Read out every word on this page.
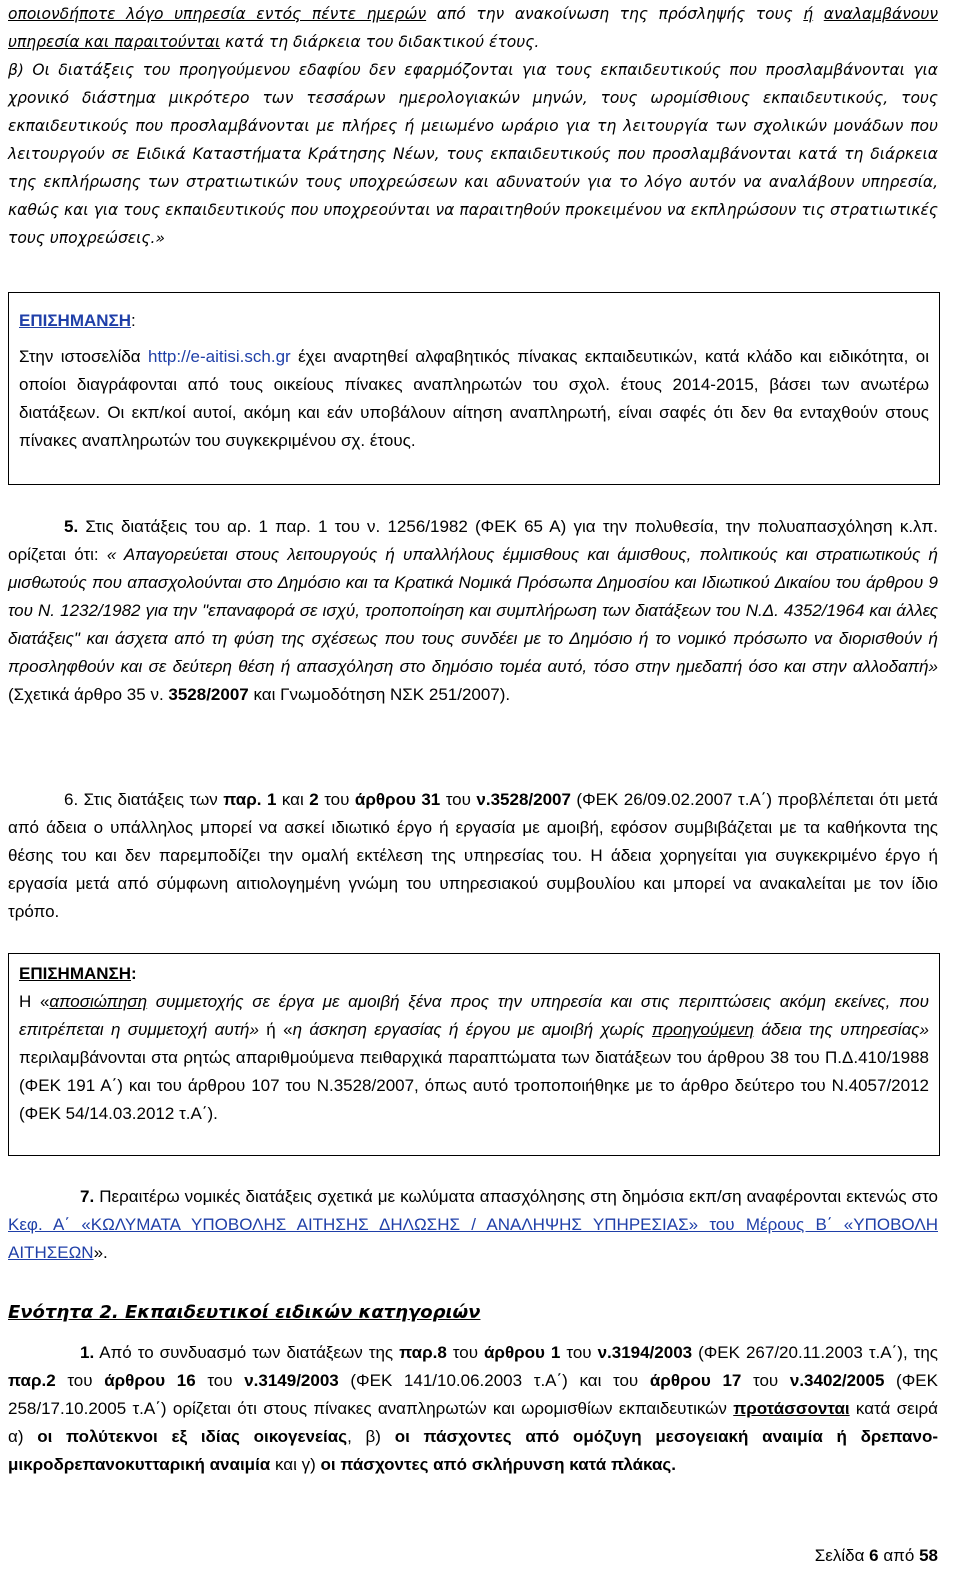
οποιονδήποτε λόγο υπηρεσία εντός πέντε ημερών από την ανακοίνωση της πρόσληψής τους ή αναλαμβάνουν υπηρεσία και παραιτούνται κατά τη διάρκεια του διδακτικού έτους.

β) Οι διατάξεις του προηγούμενου εδαφίου δεν εφαρμόζονται για τους εκπαιδευτικούς που προσλαμβάνονται για χρονικό διάστημα μικρότερο των τεσσάρων ημερολογιακών μηνών, τους ωρομίσθιους εκπαιδευτικούς, τους εκπαιδευτικούς που προσλαμβάνονται με πλήρες ή μειωμένο ωράριο για τη λειτουργία των σχολικών μονάδων που λειτουργούν σε Ειδικά Καταστήματα Κράτησης Νέων, τους εκπαιδευτικούς που προσλαμβάνονται κατά τη διάρκεια της εκπλήρωσης των στρατιωτικών τους υποχρεώσεων και αδυνατούν για το λόγο αυτόν να αναλάβουν υπηρεσία, καθώς και για τους εκπαιδευτικούς που υποχρεούνται να παραιτηθούν προκειμένου να εκπληρώσουν τις στρατιωτικές τους υποχρεώσεις.»

ΕΠΙΣΗΜΑΝΣΗ:

Στην ιστοσελίδα http://e-aitisi.sch.gr έχει αναρτηθεί αλφαβητικός πίνακας εκπαιδευτικών, κατά κλάδο και ειδικότητα, οι οποίοι διαγράφονται από τους οικείους πίνακες αναπληρωτών του σχολ. έτους 2014-2015, βάσει των ανωτέρω διατάξεων. Οι εκπ/κοί αυτοί, ακόμη και εάν υποβάλουν αίτηση αναπληρωτή, είναι σαφές ότι δεν θα ενταχθούν στους πίνακες αναπληρωτών του συγκεκριμένου σχ. έτους.

5. Στις διατάξεις του αρ. 1 παρ. 1 του ν. 1256/1982 (ΦΕΚ 65 Α) για την πολυθεσία, την πολυαπασχόληση κ.λπ. ορίζεται ότι: « Απαγορεύεται στους λειτουργούς ή υπαλλήλους έμμισθους και άμισθους, πολιτικούς και στρατιωτικούς ή μισθωτούς που απασχολούνται στο Δημόσιο και τα Κρατικά Νομικά Πρόσωπα Δημοσίου και Ιδιωτικού Δικαίου του άρθρου 9 του Ν. 1232/1982 για την "επαναφορά σε ισχύ, τροποποίηση και συμπλήρωση των διατάξεων του Ν.Δ. 4352/1964 και άλλες διατάξεις" και άσχετα από τη φύση της σχέσεως που τους συνδέει με το Δημόσιο ή το νομικό πρόσωπο να διορισθούν ή προσληφθούν και σε δεύτερη θέση ή απασχόληση στο δημόσιο τομέα αυτό, τόσο στην ημεδαπή όσο και στην αλλοδαπή» (Σχετικά άρθρο 35 ν. 3528/2007 και Γνωμοδότηση ΝΣΚ 251/2007).

6. Στις διατάξεις των παρ. 1 και 2 του άρθρου 31 του ν.3528/2007 (ΦΕΚ 26/09.02.2007 τ.Α΄) προβλέπεται ότι μετά από άδεια ο υπάλληλος μπορεί να ασκεί ιδιωτικό έργο ή εργασία με αμοιβή, εφόσον συμβιβάζεται με τα καθήκοντα της θέσης του και δεν παρεμποδίζει την ομαλή εκτέλεση της υπηρεσίας του. Η άδεια χορηγείται για συγκεκριμένο έργο ή εργασία μετά από σύμφωνη αιτιολογημένη γνώμη του υπηρεσιακού συμβουλίου και μπορεί να ανακαλείται με τον ίδιο τρόπο.

ΕΠΙΣΗΜΑΝΣΗ:

Η «αποσιώπηση συμμετοχής σε έργα με αμοιβή ξένα προς την υπηρεσία και στις περιπτώσεις ακόμη εκείνες, που επιτρέπεται η συμμετοχή αυτή» ή «η άσκηση εργασίας ή έργου με αμοιβή χωρίς προηγούμενη άδεια της υπηρεσίας» περιλαμβάνονται στα ρητώς απαριθμούμενα πειθαρχικά παραπτώματα των διατάξεων του άρθρου 38 του Π.Δ.410/1988 (ΦΕΚ 191 Α΄) και του άρθρου 107 του Ν.3528/2007, όπως αυτό τροποποιήθηκε με το άρθρο δεύτερο του Ν.4057/2012 (ΦΕΚ 54/14.03.2012 τ.Α΄).

7. Περαιτέρω νομικές διατάξεις σχετικά με κωλύματα απασχόλησης στη δημόσια εκπ/ση αναφέρονται εκτενώς στο Κεφ. Α΄ «ΚΩΛΥΜΑΤΑ ΥΠΟΒΟΛΗΣ ΑΙΤΗΣΗΣ ΔΗΛΩΣΗΣ / ΑΝΑΛΗΨΗΣ ΥΠΗΡΕΣΙΑΣ» του Μέρους Β΄ «ΥΠΟΒΟΛΗ ΑΙΤΗΣΕΩΝ».

Ενότητα 2. Εκπαιδευτικοί ειδικών κατηγοριών

1. Από το συνδυασμό των διατάξεων της παρ.8 του άρθρου 1 του ν.3194/2003 (ΦΕΚ 267/20.11.2003 τ.Α΄), της παρ.2 του άρθρου 16 του ν.3149/2003 (ΦΕΚ 141/10.06.2003 τ.Α΄) και του άρθρου 17 του ν.3402/2005 (ΦΕΚ 258/17.10.2005 τ.Α΄) ορίζεται ότι στους πίνακες αναπληρωτών και ωρομισθίων εκπαιδευτικών προτάσσονται κατά σειρά α) οι πολύτεκνοι εξ ιδίας οικογενείας, β) οι πάσχοντες από ομόζυγη μεσογειακή αναιμία ή δρεπανο-μικροδρεπανοκυτταρική αναιμία και γ) οι πάσχοντες από σκλήρυνση κατά πλάκας.

Σελίδα 6 από 58
